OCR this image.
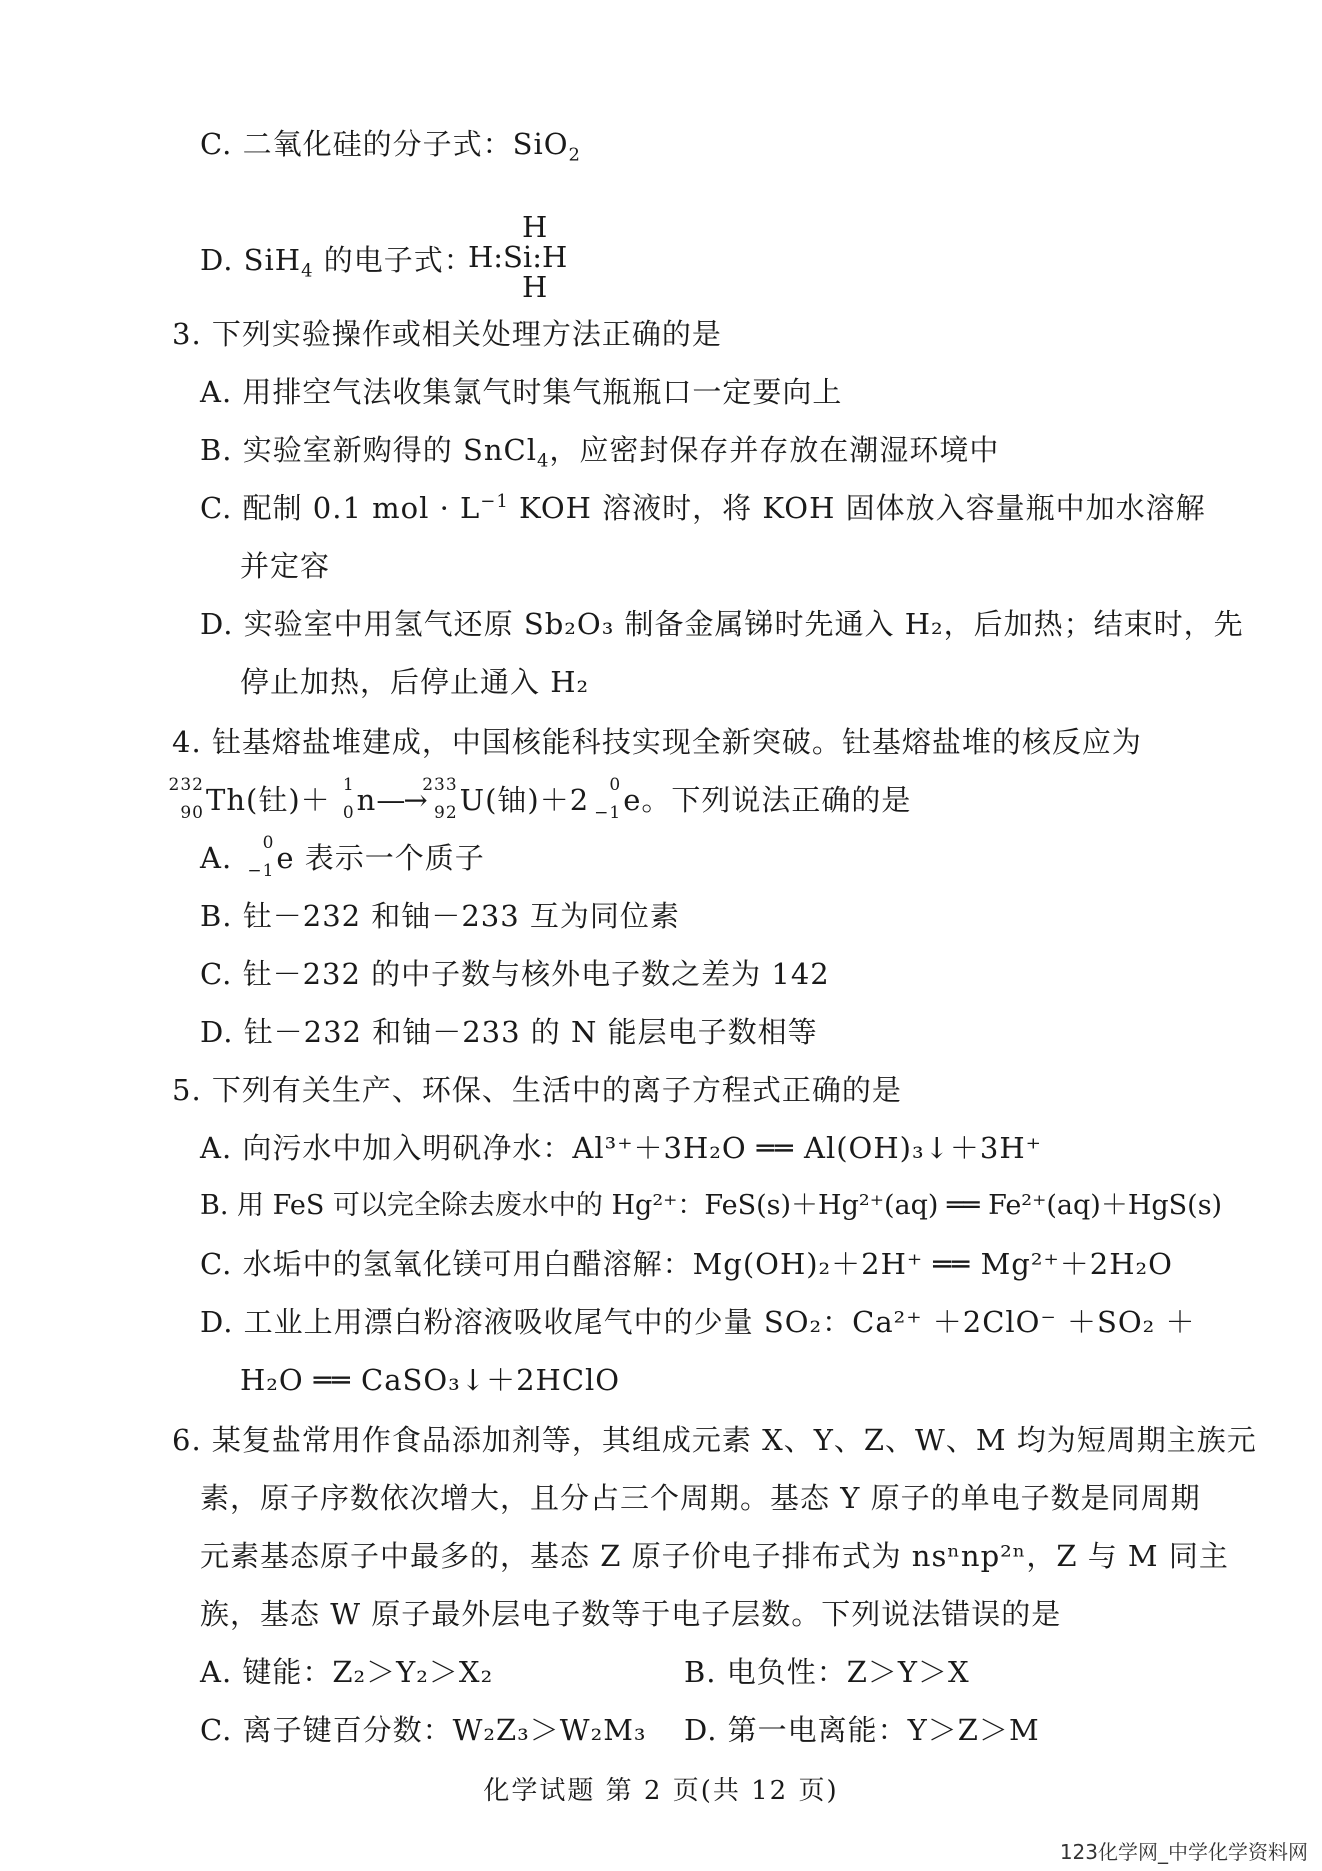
C. 二氧化硅的分子式：SiO$_2$
D. SiH$_4$ 的电子式：
H
H:Si:H
H
3. 下列实验操作或相关处理方法正确的是
A. 用排空气法收集氯气时集气瓶瓶口一定要向上
B. 实验室新购得的 SnCl$_4$，应密封保存并存放在潮湿环境中
C. 配制 0.1 mol · $L^{-1}$ KOH 溶液时，将 KOH 固体放入容量瓶中加水溶解
并定容
D. 实验室中用氢气还原 Sb₂O₃ 制备金属锑时先通入 H₂，后加热；结束时，先
停止加热，后停止通入 H₂
4. 钍基熔盐堆建成，中国核能科技实现全新突破。钍基熔盐堆的核反应为
232
90 Th(钍)＋ 1
0 n—→
233
92 U(铀)＋2 0
−1 e。下列说法正确的是
A. 0
−1 e 表示一个质子
B. 钍－232 和铀－233 互为同位素
C. 钍－232 的中子数与核外电子数之差为 142
D. 钍－232 和铀－233 的 N 能层电子数相等
5. 下列有关生产、环保、生活中的离子方程式正确的是
A. 向污水中加入明矾净水：Al³⁺＋3H₂O ══ Al(OH)₃↓＋3H⁺
B. 用 FeS 可以完全除去废水中的 Hg²⁺：FeS(s)＋Hg²⁺(aq) ══ Fe²⁺(aq)＋HgS(s)
C. 水垢中的氢氧化镁可用白醋溶解：Mg(OH)₂＋2H⁺ ══ Mg²⁺＋2H₂O
D. 工业上用漂白粉溶液吸收尾气中的少量 SO₂：Ca²⁺ ＋2ClO⁻ ＋SO₂ ＋
H₂O ══ CaSO₃↓＋2HClO
6. 某复盐常用作食品添加剂等，其组成元素 X、Y、Z、W、M 均为短周期主族元
素，原子序数依次增大，且分占三个周期。基态 Y 原子的单电子数是同周期
元素基态原子中最多的，基态 Z 原子价电子排布式为 nsⁿnp²ⁿ，Z 与 M 同主
族，基态 W 原子最外层电子数等于电子层数。下列说法错误的是
A. 键能：Z₂＞Y₂＞X₂	B. 电负性：Z＞Y＞X
C. 离子键百分数：W₂Z₃＞W₂M₃ D. 第一电离能：Y＞Z＞M
化学试题 第 2 页(共 12 页)
123化学网_中学化学资料网
